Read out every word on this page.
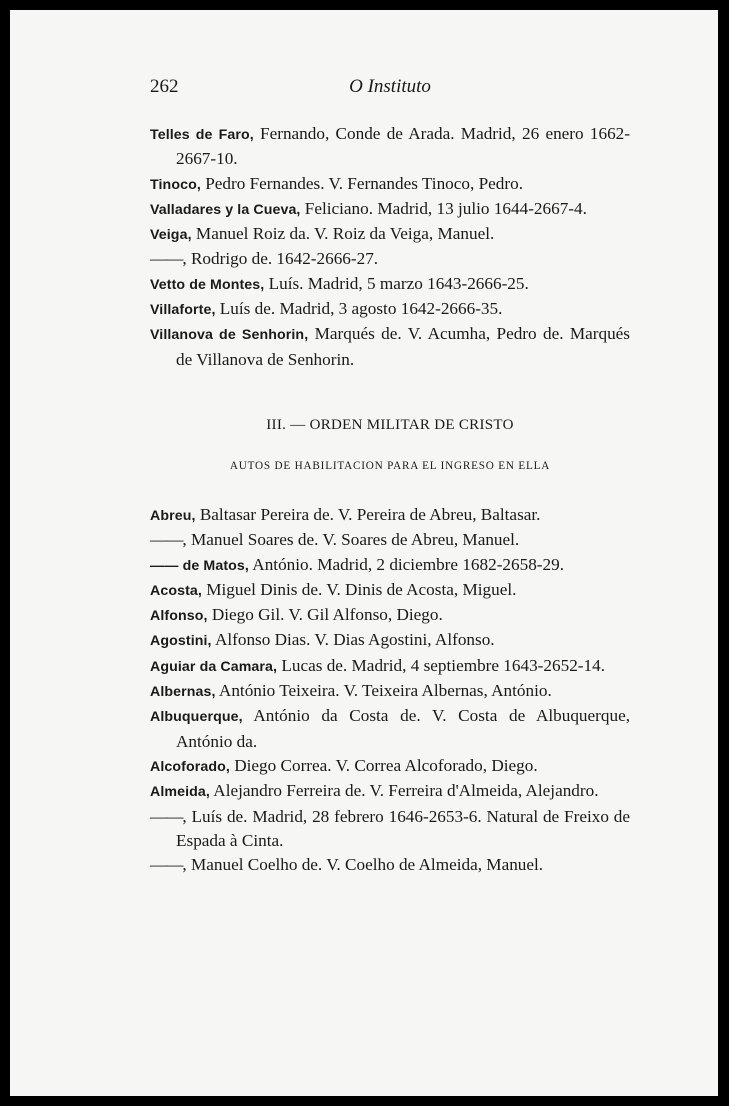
262	O Instituto
Telles de Faro, Fernando, Conde de Arada. Madrid, 26 enero 1662-2667-10.
Tinoco, Pedro Fernandes. V. Fernandes Tinoco, Pedro.
Valladares y la Cueva, Feliciano. Madrid, 13 julio 1644-2667-4.
Veiga, Manuel Roiz da. V. Roiz da Veiga, Manuel.
——, Rodrigo de. 1642-2666-27.
Vetto de Montes, Luís. Madrid, 5 marzo 1643-2666-25.
Villaforte, Luís de. Madrid, 3 agosto 1642-2666-35.
Villanova de Senhorin, Marqués de. V. Acumha, Pedro de. Marqués de Villanova de Senhorin.
III. — ORDEN MILITAR DE CRISTO
AUTOS DE HABILITACION PARA EL INGRESO EN ELLA
Abreu, Baltasar Pereira de. V. Pereira de Abreu, Baltasar.
——, Manuel Soares de. V. Soares de Abreu, Manuel.
—— de Matos, António. Madrid, 2 diciembre 1682-2658-29.
Acosta, Miguel Dinis de. V. Dinis de Acosta, Miguel.
Alfonso, Diego Gil. V. Gil Alfonso, Diego.
Agostini, Alfonso Dias. V. Dias Agostini, Alfonso.
Aguiar da Camara, Lucas de. Madrid, 4 septiembre 1643-2652-14.
Albernas, António Teixeira. V. Teixeira Albernas, António.
Albuquerque, António da Costa de. V. Costa de Albuquerque, António da.
Alcoforado, Diego Correa. V. Correa Alcoforado, Diego.
Almeida, Alejandro Ferreira de. V. Ferreira d'Almeida, Alejandro.
——, Luís de. Madrid, 28 febrero 1646-2653-6. Natural de Freixo de Espada à Cinta.
——, Manuel Coelho de. V. Coelho de Almeida, Manuel.
